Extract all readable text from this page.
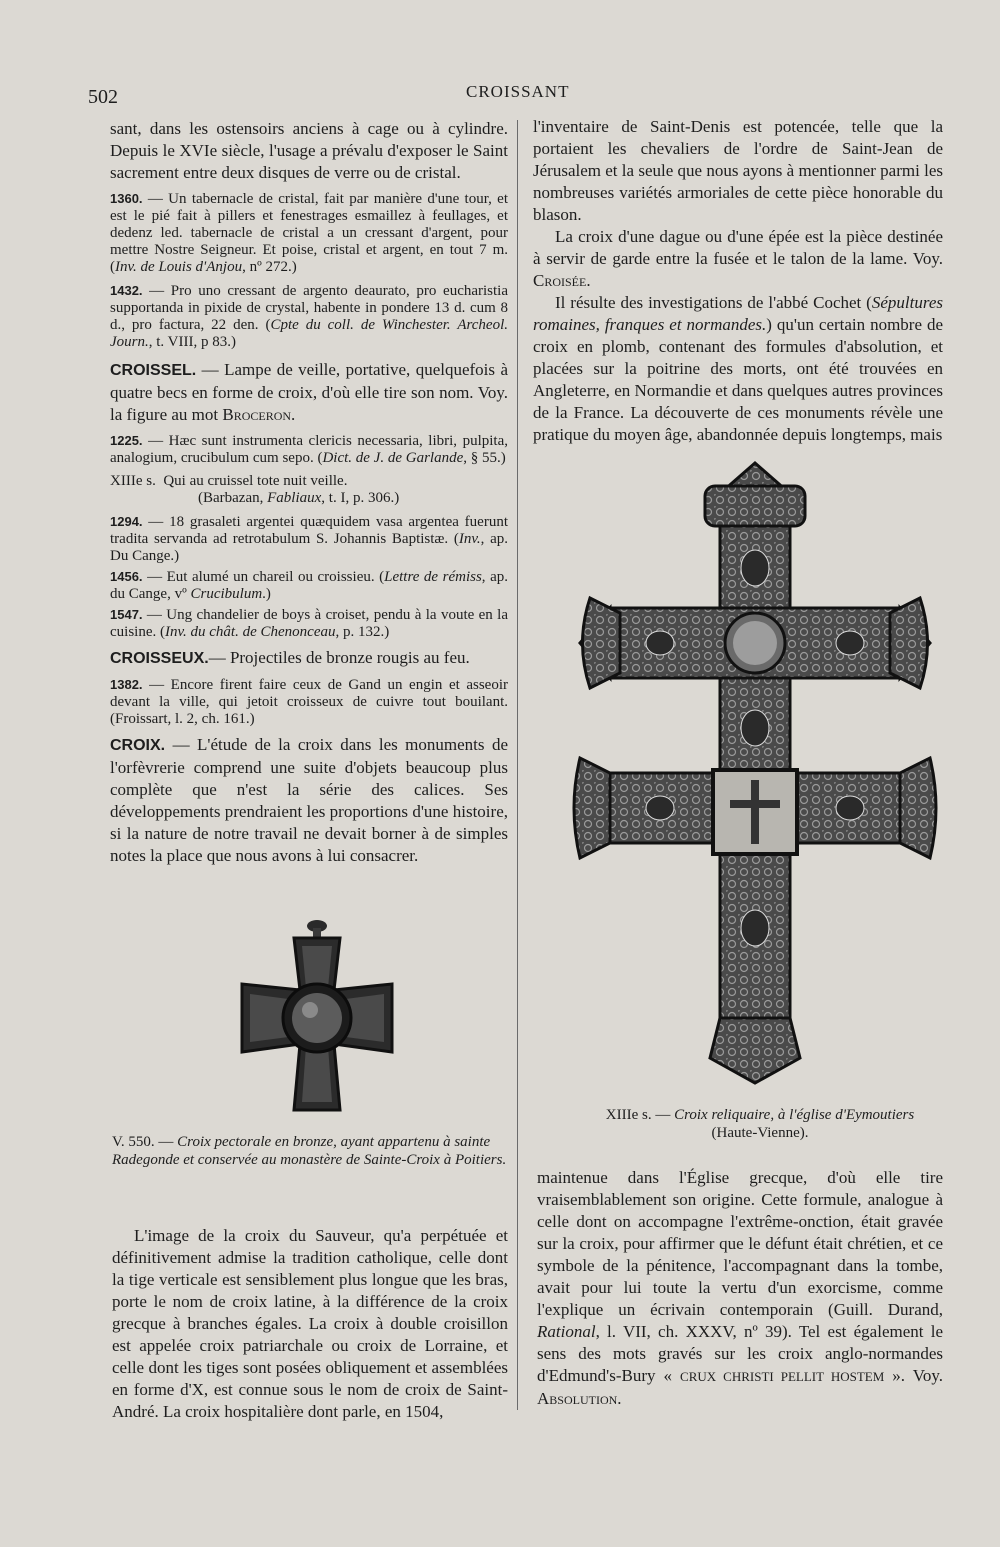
502	CROISSANT

sant, dans les ostensoirs anciens à cage ou à cylindre. Depuis le XVIe siècle, l'usage a prévalu d'exposer le Saint sacrement entre deux disques de verre ou de cristal.

1360. — Un tabernacle de cristal, fait par manière d'une tour, et est le pié fait à pillers et fenestrages esmaillez à feullages, et dedenz led. tabernacle de cristal a un cressant d'argent, pour mettre Nostre Seigneur. Et poise, cristal et argent, en tout 7 m. (Inv. de Louis d'Anjou, nº 272.)

1432. — Pro uno cressant de argento deaurato, pro eucharistia supportanda in pixide de crystal, habente in pondere 13 d. cum 8 d., pro factura, 22 den. (Cpte du coll. de Winchester. Archeol. Journ., t. VIII, p 83.)

CROISSEL. — Lampe de veille, portative, quelquefois à quatre becs en forme de croix, d'où elle tire son nom. Voy. la figure au mot Broceron.

1225. — Hæc sunt instrumenta clericis necessaria, libri, pulpita, analogium, crucibulum cum sepo. (Dict. de J. de Garlande, § 55.)

XIIIe s. Qui au cruissel tote nuit veille.

(Barbazan, Fabliaux, t. I, p. 306.)

1294. — 18 grasaleti argentei quæquidem vasa argentea fuerunt tradita servanda ad retrotabulum S. Johannis Baptistæ. (Inv., ap. Du Cange.)

1456. — Eut alumé un chareil ou croissieu. (Lettre de rémiss, ap. du Cange, vº Crucibulum.)

1547. — Ung chandelier de boys à croiset, pendu à la voute en la cuisine. (Inv. du chât. de Chenonceau, p. 132.)

CROISSEUX.— Projectiles de bronze rougis au feu.

1382. — Encore firent faire ceux de Gand un engin et asseoir devant la ville, qui jetoit croisseux de cuivre tout bouilant. (Froissart, l. 2, ch. 161.)

CROIX. — L'étude de la croix dans les monuments de l'orfèvrerie comprend une suite d'objets beaucoup plus complète que n'est la série des calices. Ses développements prendraient les proportions d'une histoire, si la nature de notre travail ne devait borner à de simples notes la place que nous avons à lui consacrer.

V. 550. — Croix pectorale en bronze, ayant appartenu à sainte Radegonde et conservée au monastère de Sainte-Croix à Poitiers.

L'image de la croix du Sauveur, qu'a perpétuée et définitivement admise la tradition catholique, celle dont la tige verticale est sensiblement plus longue que les bras, porte le nom de croix latine, à la différence de la croix grecque à branches égales. La croix à double croisillon est appelée croix patriarchale ou croix de Lorraine, et celle dont les tiges sont posées obliquement et assemblées en forme d'X, est connue sous le nom de croix de Saint-André. La croix hospitalière dont parle, en 1504,

l'inventaire de Saint-Denis est potencée, telle que la portaient les chevaliers de l'ordre de Saint-Jean de Jérusalem et la seule que nous ayons à mentionner parmi les nombreuses variétés armoriales de cette pièce honorable du blason.

La croix d'une dague ou d'une épée est la pièce destinée à servir de garde entre la fusée et le talon de la lame. Voy. Croisée.

Il résulte des investigations de l'abbé Cochet (Sépultures romaines, franques et normandes.) qu'un certain nombre de croix en plomb, contenant des formules d'absolution, et placées sur la poitrine des morts, ont été trouvées en Angleterre, en Normandie et dans quelques autres provinces de la France. La découverte de ces monuments révèle une pratique du moyen âge, abandonnée depuis longtemps, mais

XIIIe s. — Croix reliquaire, à l'église d'Eymoutiers
(Haute-Vienne).

maintenue dans l'Église grecque, d'où elle tire vraisemblablement son origine. Cette formule, analogue à celle dont on accompagne l'extrême-onction, était gravée sur la croix, pour affirmer que le défunt était chrétien, et ce symbole de la pénitence, l'accompagnant dans la tombe, avait pour lui toute la vertu d'un exorcisme, comme l'explique un écrivain contemporain (Guill. Durand, Rational, l. VII, ch. XXXV, nº 39). Tel est également le sens des mots gravés sur les croix anglo-normandes d'Edmund's-Bury « CRUX CHRISTI PELLIT HOSTEM ». Voy. Absolution.
